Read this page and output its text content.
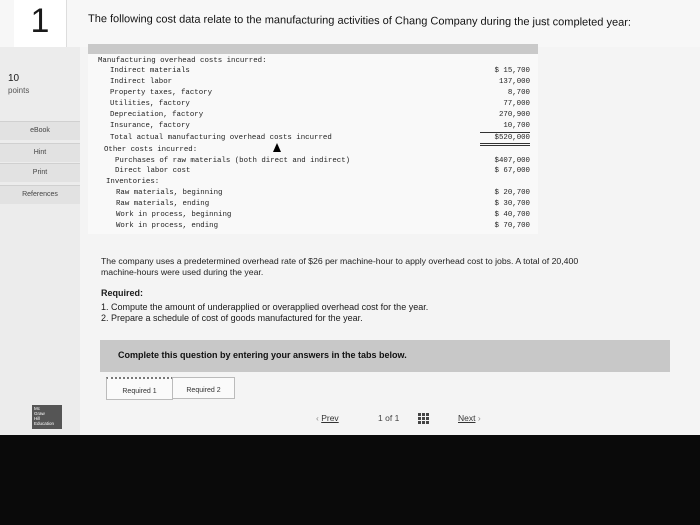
1	The following cost data relate to the manufacturing activities of Chang Company during the just completed year:
10
points
eBook
Hint
Print
References
Manufacturing overhead costs incurred:
Indirect materials	$ 15,700
Indirect labor	137,000
Property taxes, factory	8,700
Utilities, factory	77,000
Depreciation, factory	270,900
Insurance, factory	10,700
Total actual manufacturing overhead costs incurred	$520,000
Other costs incurred:
Purchases of raw materials (both direct and indirect)	$407,000
Direct labor cost	$ 67,000
Inventories:
Raw materials, beginning	$ 20,700
Raw materials, ending	$ 30,700
Work in process, beginning	$ 40,700
Work in process, ending	$ 70,700
The company uses a predetermined overhead rate of $26 per machine-hour to apply overhead cost to jobs. A total of 20,400
machine-hours were used during the year.
Required:
1. Compute the amount of underapplied or overapplied overhead cost for the year.
2. Prepare a schedule of cost of goods manufactured for the year.
Complete this question by entering your answers in the tabs below.
Required 1	Required 2
Mc
Graw
Hill
Education
‹ Prev	1 of 1	Next ›
